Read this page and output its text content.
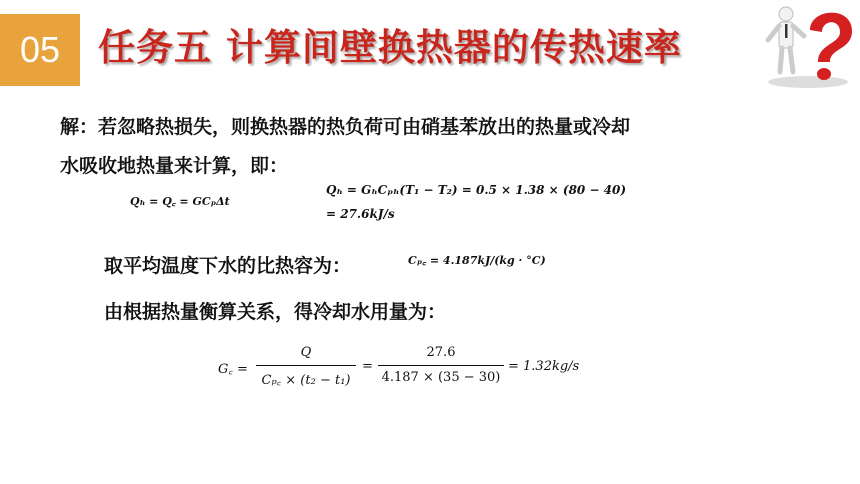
05	任务五 计算间壁换热器的传热速率
解：若忽略热损失，则换热器的热负荷可由硝基苯放出的热量或冷却
水吸收地热量来计算，即：
Qₕ = Q꜀ = GCₚΔt
Qₕ = GₕCₚₕ(T₁ − T₂) = 0.5 × 1.38 × (80 − 40)
= 27.6kJ/s
取平均温度下水的比热容为：	Cₚ꜀ = 4.187kJ/(kg · °C)
由根据热量衡算关系，得冷却水用量为：
G꜀ =
Q
Cₚ꜀ × (t₂ − t₁)
=
27.6
4.187 × (35 − 30)
= 1.32kg/s
